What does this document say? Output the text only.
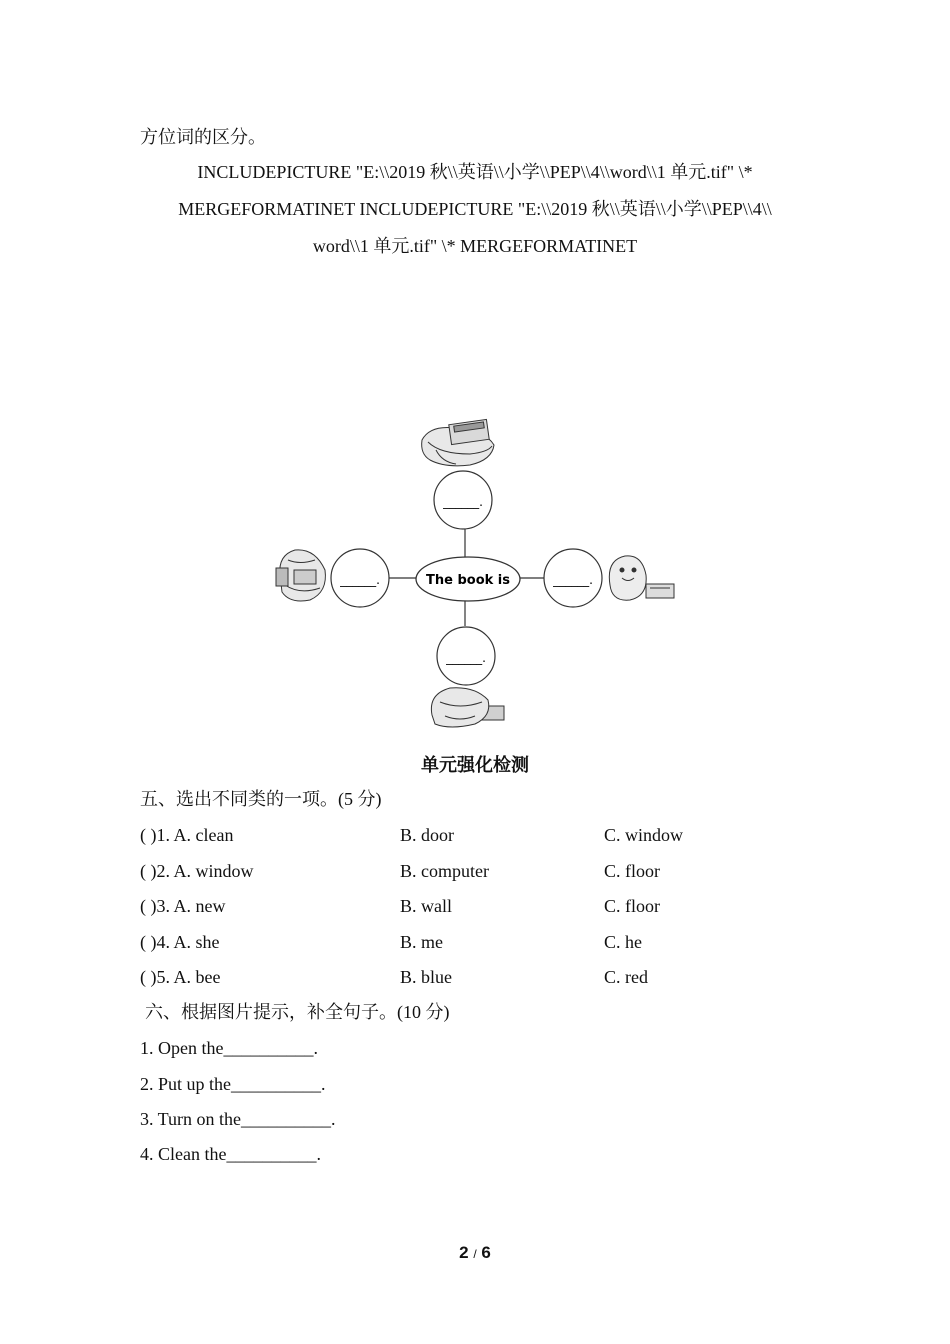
方位词的区分。
INCLUDEPICTURE "E:\\2019 秋\\英语\\小学\\PEP\\4\\word\\1 单元.tif" \*
MERGEFORMATINET INCLUDEPICTURE "E:\\2019 秋\\英语\\小学\\PEP\\4\\
word\\1 单元.tif" \* MERGEFORMATINET
The book is
______.
______.	______.
______.
单元强化检测
五、选出不同类的一项。(5 分)
( )1. A. clean	B. door	C. window
( )2. A. window	B. computer	C. floor
( )3. A. new	B. wall	C. floor
( )4. A. she	B. me	C. he
( )5. A. bee	B. blue	C. red
六、根据图片提示，补全句子。(10 分)
1. Open the__________.
2. Put up the__________.
3. Turn on the__________.
4. Clean the__________.
2 / 6
